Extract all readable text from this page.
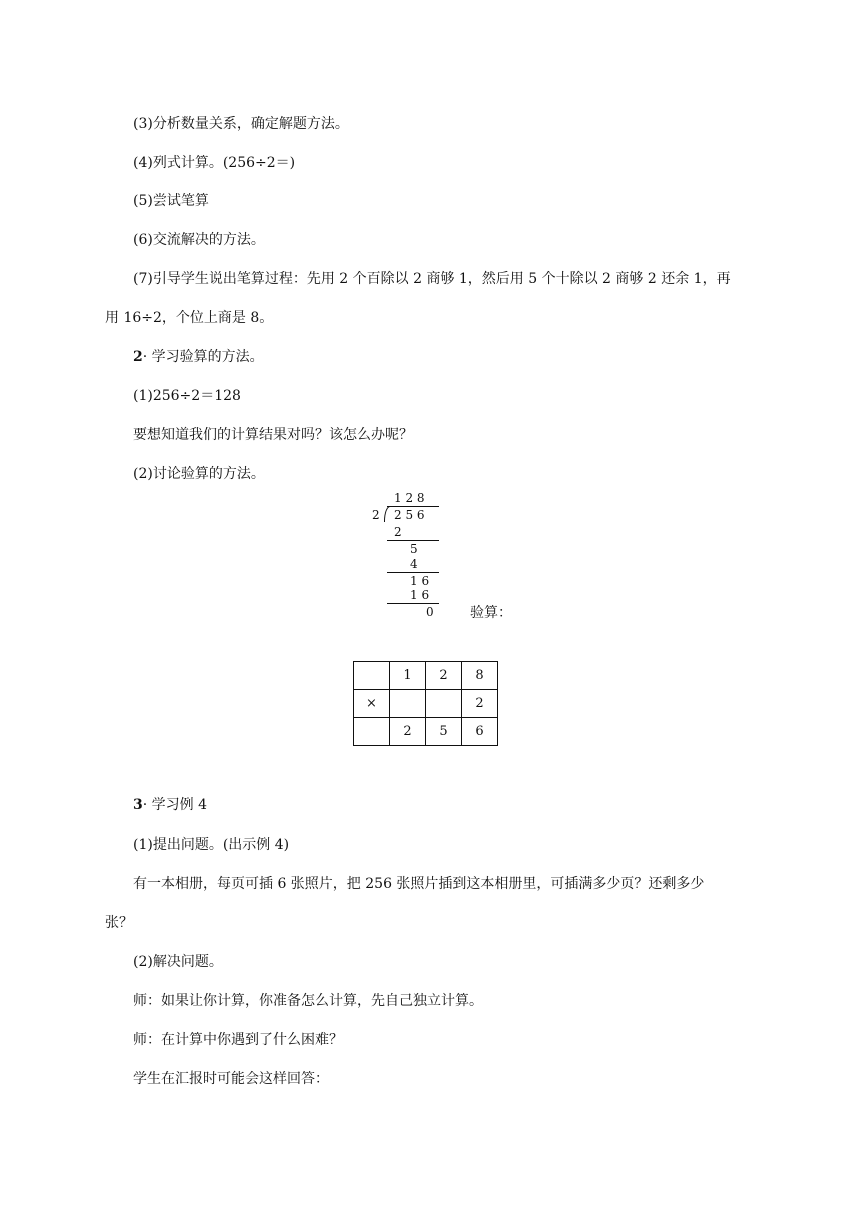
(3)分析数量关系，确定解题方法。
(4)列式计算。(256÷2＝)
(5)尝试笔算
(6)交流解决的方法。
(7)引导学生说出笔算过程：先用 2 个百除以 2 商够 1，然后用 5 个十除以 2 商够 2 还余 1，再
用 16÷2，个位上商是 8。
2· 学习验算的方法。
(1)256÷2＝128
要想知道我们的计算结果对吗？该怎么办呢？
(2)讨论验算的方法。
1 2 8
2 2 5 6
2
5
4
1 6
1 6
0	验算：
	1	2	8
×			2
	2	5	6
3· 学习例 4
(1)提出问题。(出示例 4)
有一本相册，每页可插 6 张照片，把 256 张照片插到这本相册里，可插满多少页？还剩多少
张？
(2)解决问题。
师：如果让你计算，你准备怎么计算，先自己独立计算。
师：在计算中你遇到了什么困难？
学生在汇报时可能会这样回答：
